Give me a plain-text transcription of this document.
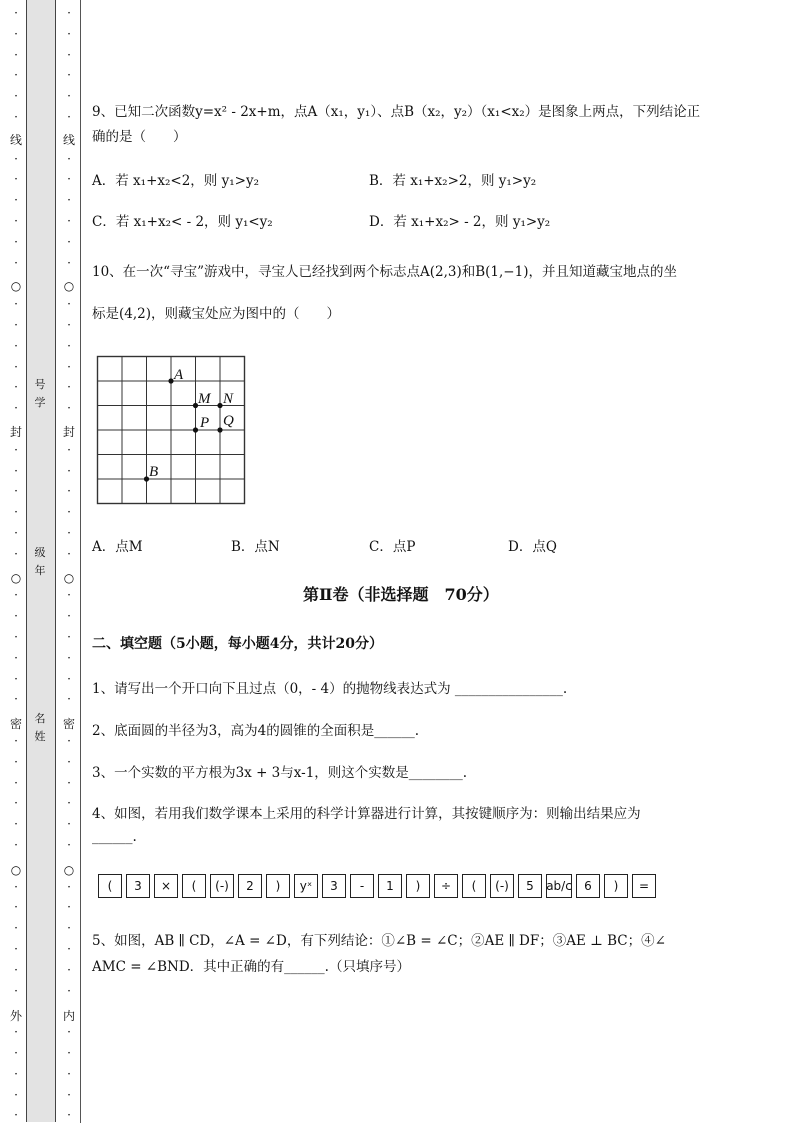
线
封
密
外
○
○
○
·
·
·
·
·
·
·
·
·
·
·
·
·
·
·
·
·
·
·
·
·
·
·
·
·
·
·
·
·
·
·
·
·
·
·
·
·
·
·
·
·
·
·
·
·
·
·
线
封
密
内
○
○
○
·
·
·
·
·
·
·
·
·
·
·
·
·
·
·
·
·
·
·
·
·
·
·
·
·
·
·
·
·
·
·
·
·
·
·
·
·
·
·
·
·
·
·
·
·
·
·
号
学
级
年
名
姓
9、已知二次函数y=x² - 2x+m，点A（x₁，y₁）、点B（x₂，y₂）（x₁<x₂）是图象上两点，下列结论正
确的是（　　）
A．若 x₁+x₂<2，则 y₁>y₂	B．若 x₁+x₂>2，则 y₁>y₂
C．若 x₁+x₂< - 2，则 y₁<y₂	D．若 x₁+x₂> - 2，则 y₁>y₂
10、在一次“寻宝”游戏中，寻宝人已经找到两个标志点A(2,3)和B(1,−1)，并且知道藏宝地点的坐
标是(4,2)，则藏宝处应为图中的（　　）
A
M N
P Q
B
A．点M	B．点N	C．点P	D．点Q
第Ⅱ卷（非选择题　70分）
二、填空题（5小题，每小题4分，共计20分）
1、请写出一个开口向下且过点（0，- 4）的抛物线表达式为 ________________.
2、底面圆的半径为3，高为4的圆锥的全面积是______.
3、一个实数的平方根为3x + 3与x-1，则这个实数是________.
4、如图，若用我们数学课本上采用的科学计算器进行计算，其按键顺序为：则输出结果应为
______.
(	3	×	(	(-)	2	)	yˣ	3	-	1	)	÷	(	(-)	5	ab/c	6	)	=
5、如图，AB ∥ CD，∠A = ∠D，有下列结论：①∠B = ∠C；②AE ∥ DF；③AE ⊥ BC；④∠
AMC = ∠BND．其中正确的有______.（只填序号）
